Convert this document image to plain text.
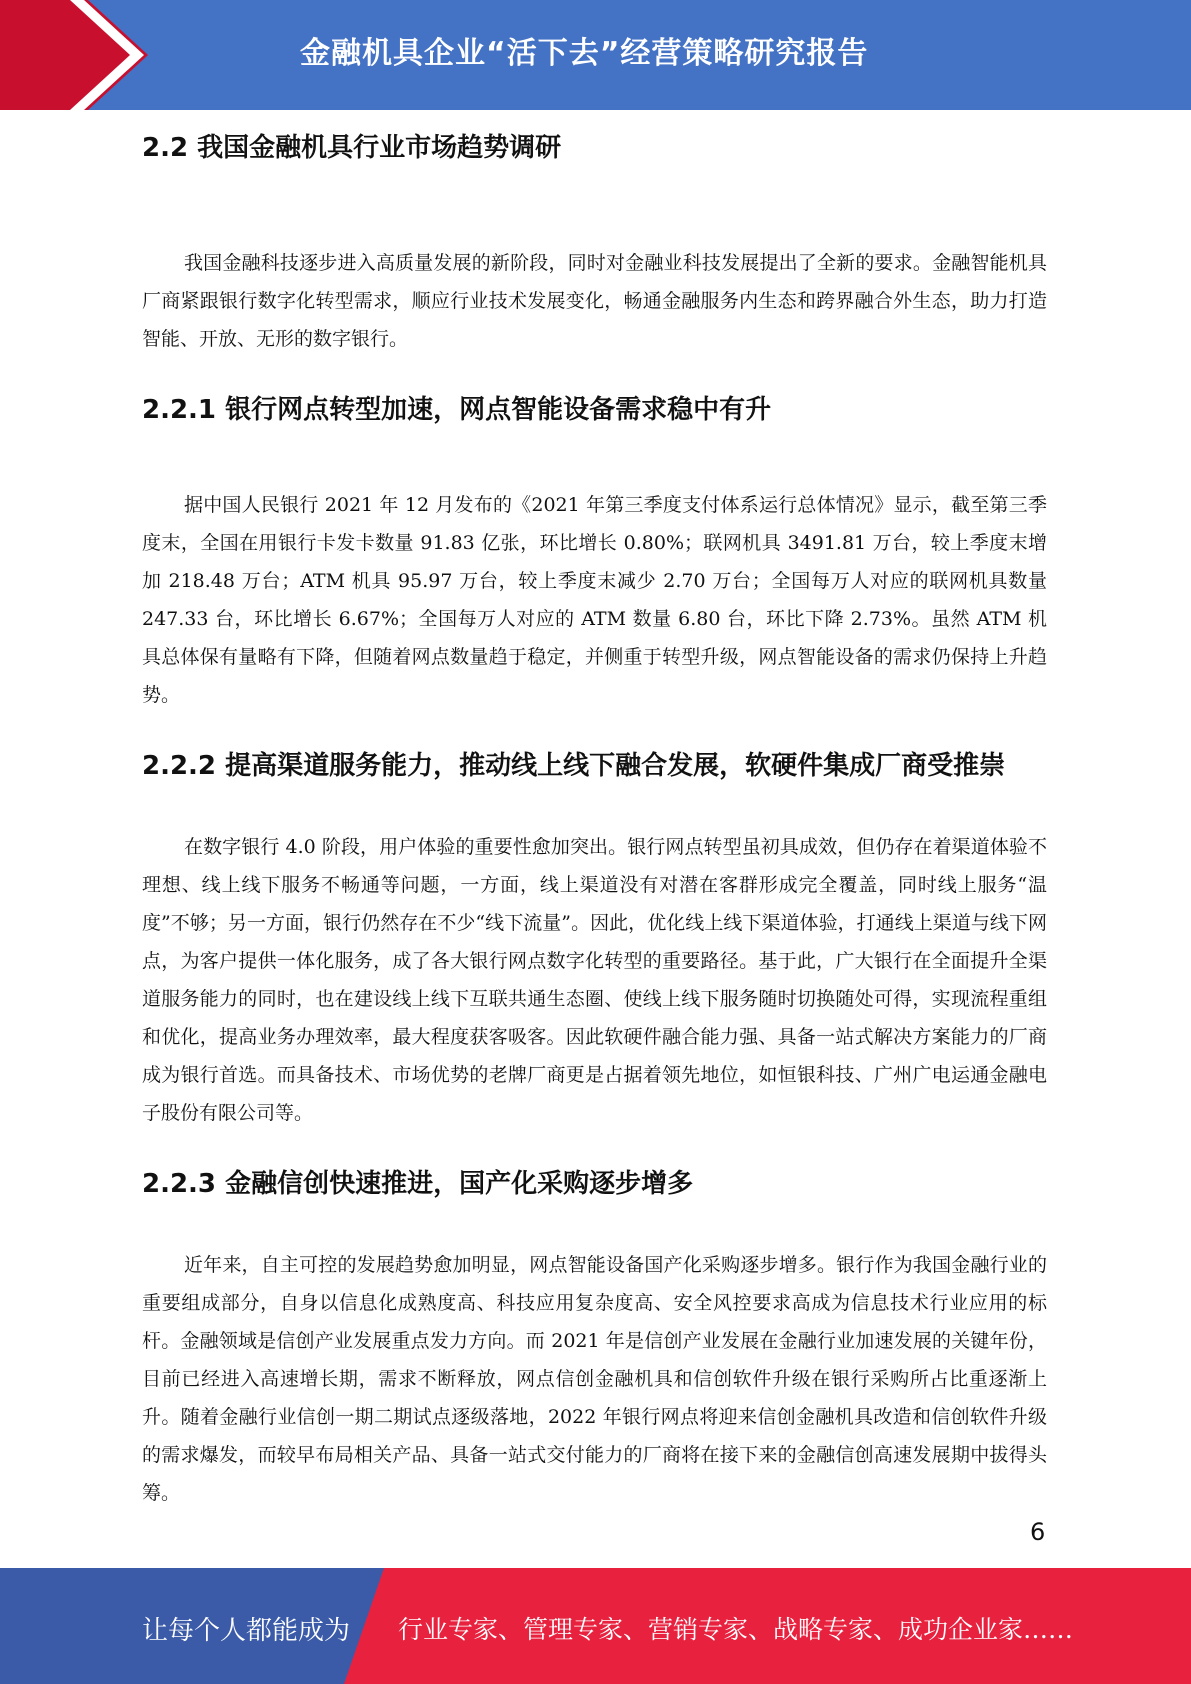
金融机具企业“活下去”经营策略研究报告
2.2 我国金融机具行业市场趋势调研

我国金融科技逐步进入高质量发展的新阶段，同时对金融业科技发展提出了全新的要求。金融智能机具厂商紧跟银行数字化转型需求，顺应行业技术发展变化，畅通金融服务内生态和跨界融合外生态，助力打造智能、开放、无形的数字银行。

2.2.1 银行网点转型加速，网点智能设备需求稳中有升

据中国人民银行 2021 年 12 月发布的《2021 年第三季度支付体系运行总体情况》显示，截至第三季度末，全国在用银行卡发卡数量 91.83 亿张，环比增长 0.80%；联网机具 3491.81 万台，较上季度末增加 218.48 万台；ATM 机具 95.97 万台，较上季度末减少 2.70 万台；全国每万人对应的联网机具数量 247.33 台，环比增长 6.67%；全国每万人对应的 ATM 数量 6.80 台，环比下降 2.73%。虽然 ATM 机具总体保有量略有下降，但随着网点数量趋于稳定，并侧重于转型升级，网点智能设备的需求仍保持上升趋势。

2.2.2 提高渠道服务能力，推动线上线下融合发展，软硬件集成厂商受推崇

在数字银行 4.0 阶段，用户体验的重要性愈加突出。银行网点转型虽初具成效，但仍存在着渠道体验不理想、线上线下服务不畅通等问题，一方面，线上渠道没有对潜在客群形成完全覆盖，同时线上服务“温度”不够；另一方面，银行仍然存在不少“线下流量”。因此，优化线上线下渠道体验，打通线上渠道与线下网点，为客户提供一体化服务，成了各大银行网点数字化转型的重要路径。基于此，广大银行在全面提升全渠道服务能力的同时，也在建设线上线下互联共通生态圈、使线上线下服务随时切换随处可得，实现流程重组和优化，提高业务办理效率，最大程度获客吸客。因此软硬件融合能力强、具备一站式解决方案能力的厂商成为银行首选。而具备技术、市场优势的老牌厂商更是占据着领先地位，如恒银科技、广州广电运通金融电子股份有限公司等。

2.2.3 金融信创快速推进，国产化采购逐步增多

近年来，自主可控的发展趋势愈加明显，网点智能设备国产化采购逐步增多。银行作为我国金融行业的重要组成部分，自身以信息化成熟度高、科技应用复杂度高、安全风控要求高成为信息技术行业应用的标杆。金融领域是信创产业发展重点发力方向。而 2021 年是信创产业发展在金融行业加速发展的关键年份，目前已经进入高速增长期，需求不断释放，网点信创金融机具和信创软件升级在银行采购所占比重逐渐上升。随着金融行业信创一期二期试点逐级落地，2022 年银行网点将迎来信创金融机具改造和信创软件升级的需求爆发，而较早布局相关产品、具备一站式交付能力的厂商将在接下来的金融信创高速发展期中拔得头筹。

6
让每个人都能成为 行业专家、管理专家、营销专家、战略专家、成功企业家……
